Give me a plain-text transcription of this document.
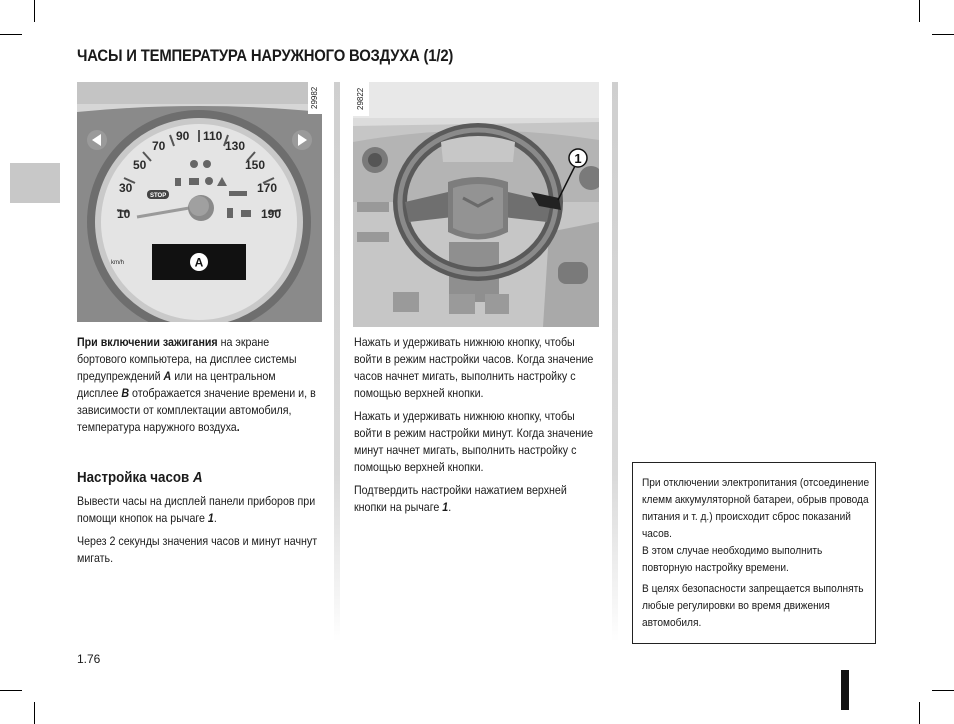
ЧАСЫ И ТЕМПЕРАТУРА НАРУЖНОГО ВОЗДУХА (1/2)
10
30
50
70
90 110
130
150
170
190
km/h
STOP
A
29982
1
29822

При включении зажигания на экране бортового компьютера, на дисплее системы предупреждений A или на центральном дисплее B отображается значение времени и, в зависимости от комплектации автомобиля, температура наружного воздуха.

Настройка часов A

Вывести часы на дисплей панели приборов при помощи кнопок на рычаге 1.

Через 2 секунды значения часов и минут начнут мигать.

Нажать и удерживать нижнюю кнопку, чтобы войти в режим настройки часов. Когда значение часов начнет мигать, выполнить настройку с помощью верхней кнопки.

Нажать и удерживать нижнюю кнопку, чтобы войти в режим настройки минут. Когда значение минут начнет мигать, выполнить настройку с помощью верхней кнопки.

Подтвердить настройки нажатием верхней кнопки на рычаге 1.

При отключении электропитания (отсоединение клемм аккумуляторной батареи, обрыв провода питания и т. д.) происходит сброс показаний часов.
В этом случае необходимо выполнить повторную настройку времени.

В целях безопасности запрещается выполнять любые регулировки во время движения автомобиля.

1.76
